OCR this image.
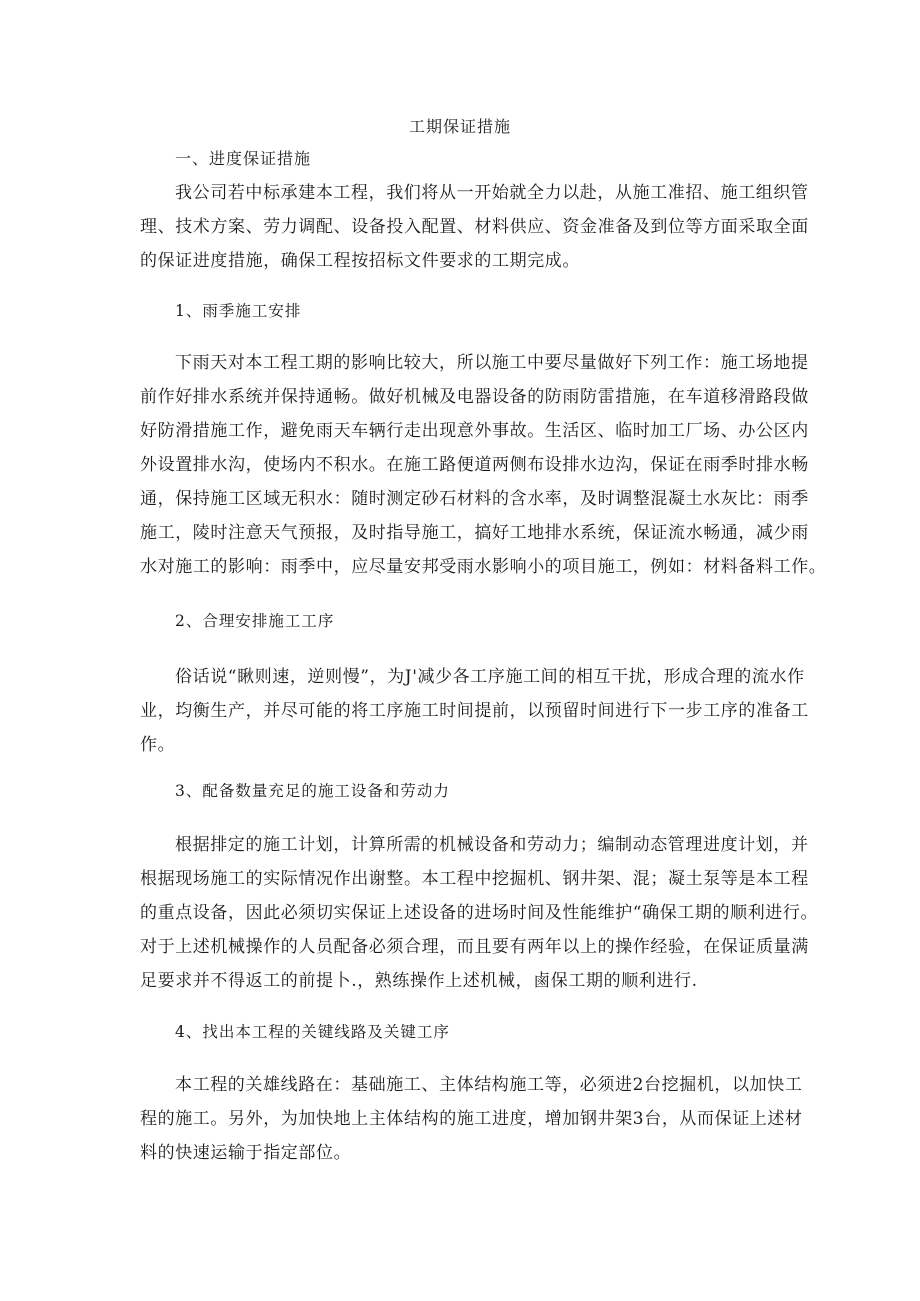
工期保证措施
一、进度保证措施
我公司若中标承建本工程，我们将从一开始就全力以赴，从施工准招、施工组织管
理、技术方案、劳力调配、设备投入配置、材料供应、资金准备及到位等方面采取全面
的保证进度措施，确保工程按招标文件要求的工期完成。
1、雨季施工安排
下雨天对本工程工期的影响比较大，所以施工中要尽量做好下列工作：施工场地提
前作好排水系统并保持通畅。做好机械及电器设备的防雨防雷措施，在车道移滑路段做
好防滑措施工作，避免雨天车辆行走出现意外事故。生活区、临时加工厂场、办公区内
外设置排水沟，使场内不积水。在施工路便道两侧布设排水边沟，保证在雨季时排水畅
通，保持施工区域无积水：随时测定砂石材料的含水率，及时调整混凝土水灰比：雨季
施工，陵时注意天气预报，及时指导施工，搞好工地排水系统，保证流水畅通，减少雨
水对施工的影响：雨季中，应尽量安邦受雨水影响小的项目施工，例如：材料备料工作。
2、合理安排施工工序
俗话说“瞅则速，逆则慢”，为J'减少各工序施工间的相互干扰，形成合理的流水作
业，均衡生产，并尽可能的将工序施工时间提前，以预留时间进行下一步工序的准备工
作。
3、配备数量充足的施工设备和劳动力
根据排定的施工计划，计算所需的机械设备和劳动力；编制动态管理进度计划，并
根据现场施工的实际情况作出谢整。本工程中挖掘机、钢井架、混；凝土泵等是本工程
的重点设备，因此必须切实保证上述设备的进场时间及性能维护“确保工期的顺利进行。
对于上述机械操作的人员配备必须合理，而且要有两年以上的操作经验，在保证质量满
足要求并不得返工的前提卜.，熟练操作上述机械，鹵保工期的顺利进行.
4、找出本工程的关键线路及关键工序
本工程的关雄线路在：基础施工、主体结构施工等，必须进2台挖掘机，以加快工
程的施工。另外，为加快地上主体结构的施工进度，增加钢井架3台，从而保证上述材
料的快速运输于指定部位。
